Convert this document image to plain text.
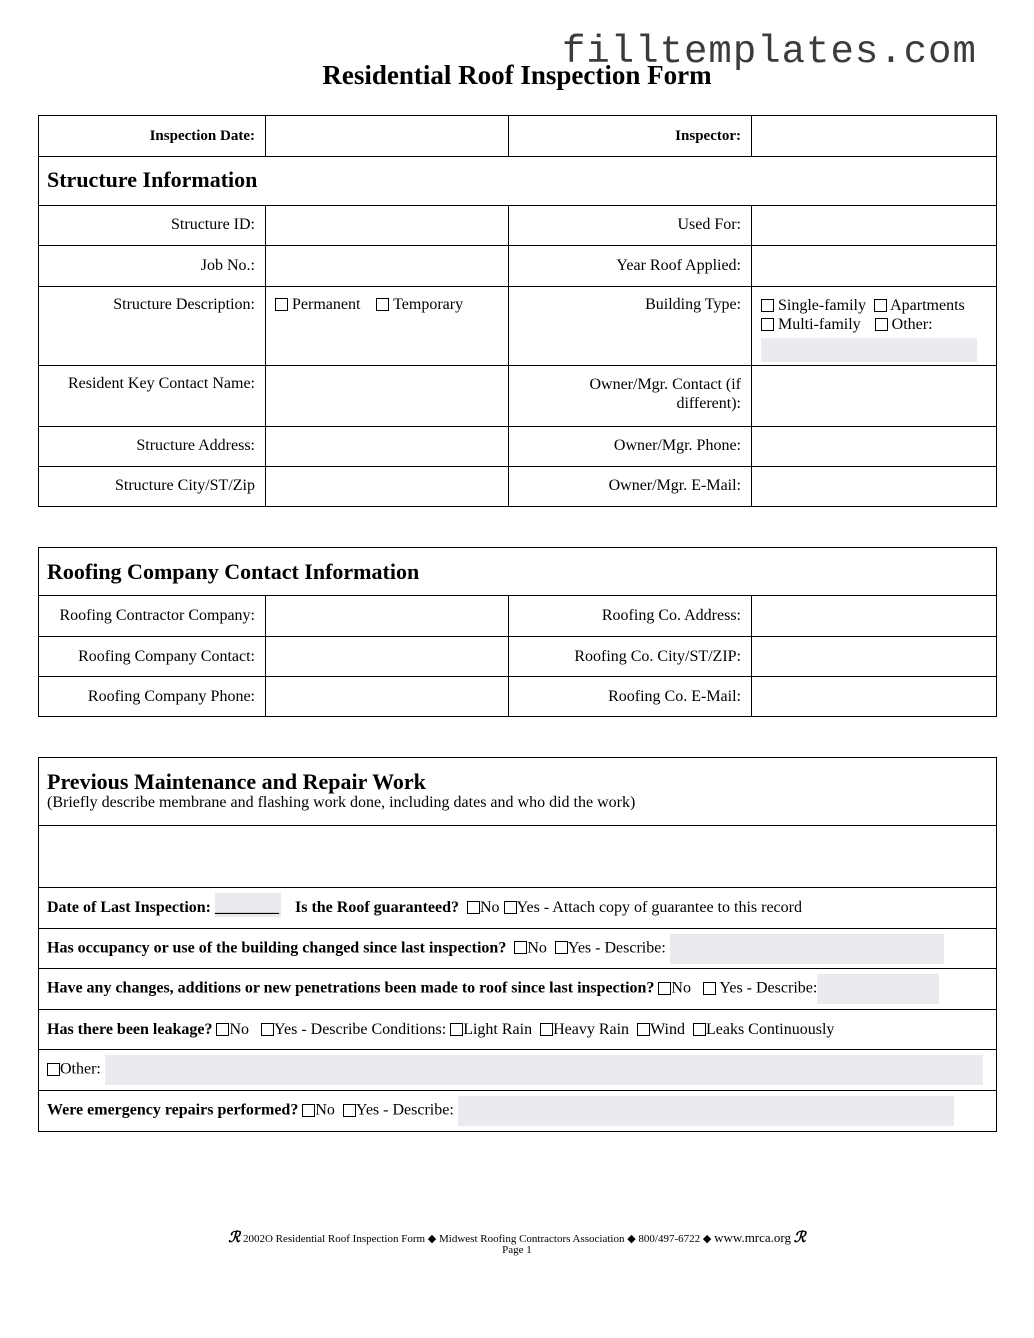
filltemplates.com
Residential Roof Inspection Form
Inspection Date:		Inspector:	
Structure Information			
Structure ID:		Used For:	

Job No.:		Year Roof Applied:	

Structure Description:	Permanent Temporary	Building Type:	Single-family Apartments
Multi-family Other:

Resident Key Contact Name:		Owner/Mgr. Contact (if different):	

Structure Address:		Owner/Mgr. Phone:	

Structure City/ST/Zip		Owner/Mgr. E-Mail:	
Roofing Company Contact Information			
Roofing Contractor Company:		Roofing Co. Address:	

Roofing Company Contact:		Roofing Co. City/ST/ZIP:	

Roofing Company Phone:		Roofing Co. E-Mail:	
Previous Maintenance and Repair Work
(Briefly describe membrane and flashing work done, including dates and who did the work)

Date of Last Inspection: ________ Is the Roof guaranteed? No Yes - Attach copy of guarantee to this record

Has occupancy or use of the building changed since last inspection? No Yes - Describe:

Have any changes, additions or new penetrations been made to roof since last inspection? No Yes - Describe:

Has there been leakage? No Yes - Describe Conditions: Light Rain Heavy Rain Wind Leaks Continuously

Other:

Were emergency repairs performed? No Yes - Describe:
ℛ 2002O Residential Roof Inspection Form ◆ Midwest Roofing Contractors Association ◆ 800/497-6722 ◆ www.mrca.org ℛ
Page 1
